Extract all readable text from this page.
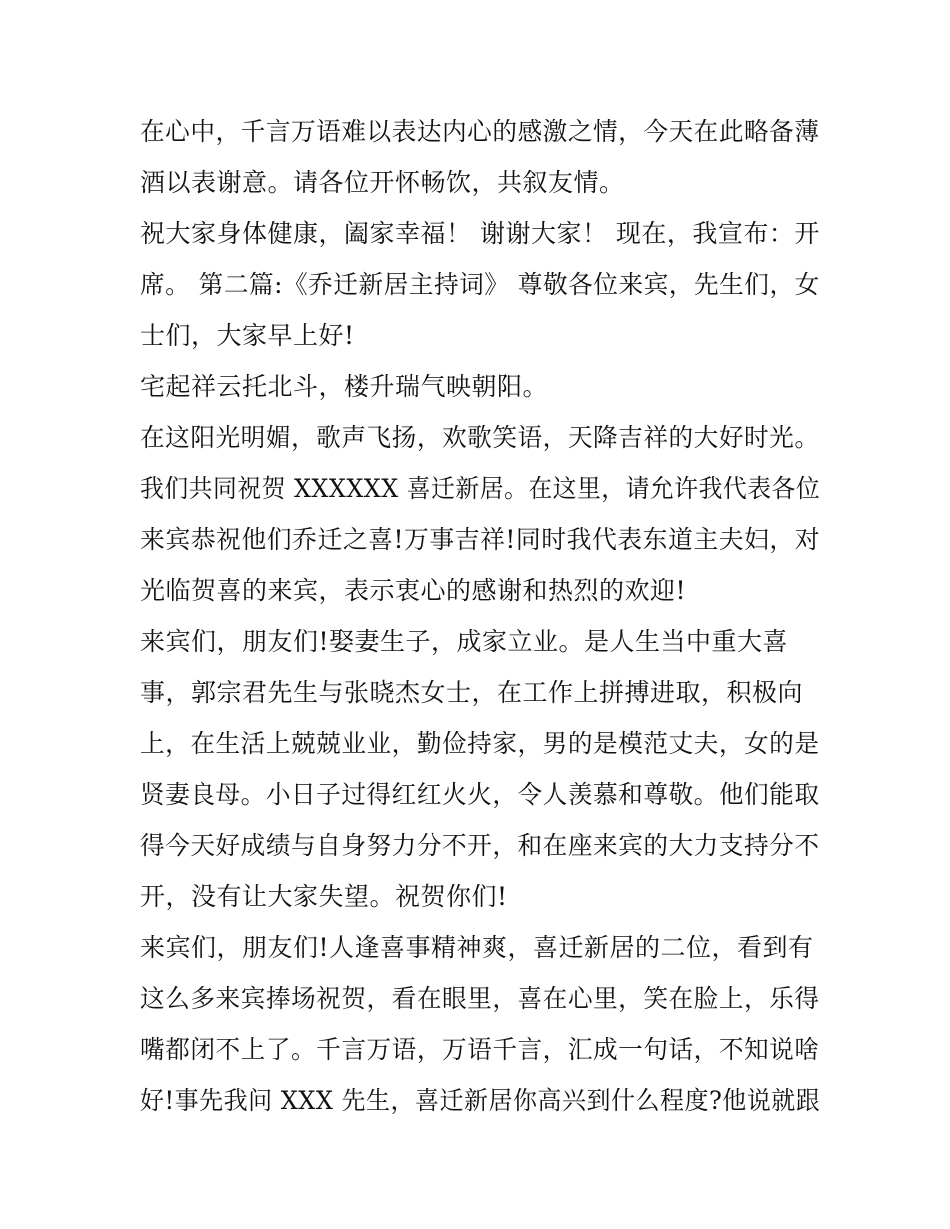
在心中，千言万语难以表达内心的感激之情，今天在此略备薄
酒以表谢意。请各位开怀畅饮，共叙友情。
祝大家身体健康，阖家幸福！ 谢谢大家！ 现在，我宣布：开
席。 第二篇:《乔迁新居主持词》 尊敬各位来宾，先生们，女
士们，大家早上好!
宅起祥云托北斗，楼升瑞气映朝阳。
在这阳光明媚，歌声飞扬，欢歌笑语，天降吉祥的大好时光。
我们共同祝贺 XXXXXX 喜迁新居。在这里，请允许我代表各位
来宾恭祝他们乔迁之喜!万事吉祥!同时我代表东道主夫妇，对
光临贺喜的来宾，表示衷心的感谢和热烈的欢迎!
来宾们，朋友们!娶妻生子，成家立业。是人生当中重大喜
事，郭宗君先生与张晓杰女士，在工作上拼搏进取，积极向
上，在生活上兢兢业业，勤俭持家，男的是模范丈夫，女的是
贤妻良母。小日子过得红红火火，令人羡慕和尊敬。他们能取
得今天好成绩与自身努力分不开，和在座来宾的大力支持分不
开，没有让大家失望。祝贺你们!
来宾们，朋友们!人逢喜事精神爽，喜迁新居的二位，看到有
这么多来宾捧场祝贺，看在眼里，喜在心里，笑在脸上，乐得
嘴都闭不上了。千言万语，万语千言，汇成一句话，不知说啥
好!事先我问 XXX 先生，喜迁新居你高兴到什么程度?他说就跟
